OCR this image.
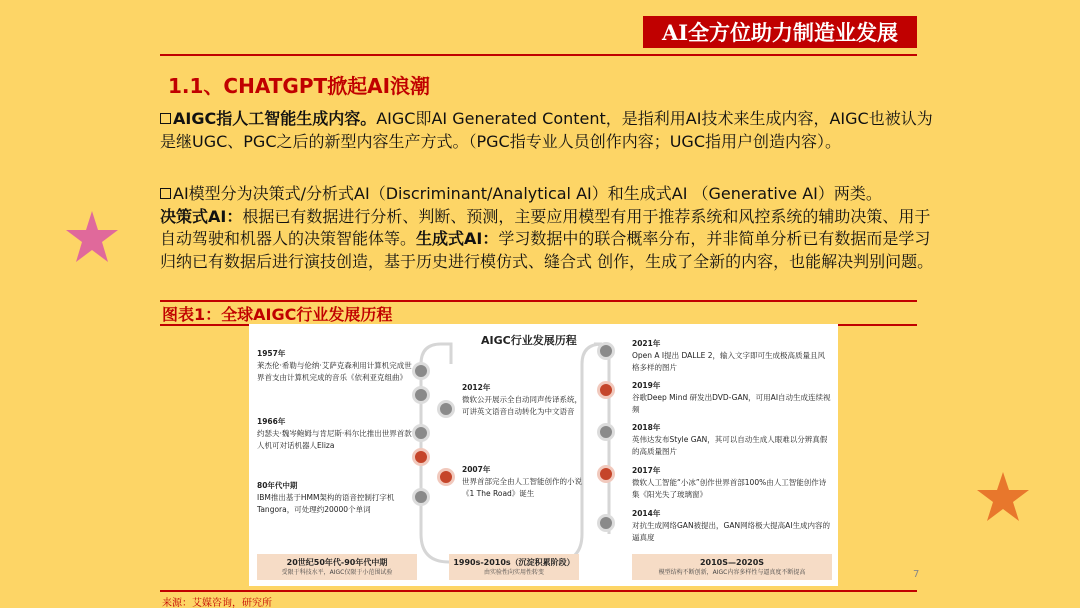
AI全方位助力制造业发展
1.1、CHATGPT掀起AI浪潮
AIGC指人工智能生成内容。AIGC即AI Generated Content，是指利用AI技术来生成内容，AIGC也被认为是继UGC、PGC之后的新型内容生产方式。（PGC指专业人员创作内容；UGC指用户创造内容）。
AI模型分为决策式/分析式AI（Discriminant/Analytical AI）和生成式AI （Generative AI）两类。
决策式AI：根据已有数据进行分析、判断、预测，主要应用模型有用于推荐系统和风控系统的辅助决策、用于自动驾驶和机器人的决策智能体等。生成式AI：学习数据中的联合概率分布，并非简单分析已有数据而是学习归纳已有数据后进行演技创造，基于历史进行模仿式、缝合式 创作，生成了全新的内容，也能解决判别问题。
图表1：全球AIGC行业发展历程
AIGC行业发展历程
1957年
莱杰伦·希勒与伦纳·艾萨克森利用计算机完成世界首支由计算机完成的音乐《依利亚克组曲》
1966年
约瑟夫·魏岑鲍姆与肯尼斯·科尔比推出世界首款人机可对话机器人Eliza
80年代中期
IBM推出基于HMM架构的语音控制打字机Tangora，可处理约20000个单词
2012年
微软公开展示全自动同声传译系统，可讲英文语音自动转化为中文语音
2007年
世界首部完全由人工智能创作的小说《1 The Road》诞生
2021年
Open A I提出 DALLE 2，输入文字即可生成极高质量且风格多样的图片
2019年
谷歌Deep Mind 研发出DVD-GAN，可用AI自动生成连续视频
2018年
英伟达发布Style GAN，其可以自动生成人眼难以分辨真假的高质量图片
2017年
微软人工智能“小冰”创作世界首部100%由人工智能创作诗集《阳光失了玻璃窗》
2014年
对抗生成网络GAN被提出，GAN网络极大提高AI生成内容的逼真度
20世纪50年代-90年代中期
受限于科技水平，AIGC仅限于小范围试验
1990s-2010s（沉淀积累阶段）
由实验性向实用性转变
2010S—2020S
模型结构不断创新，AIGC内容多样性与逼真度不断提高	7
来源：艾媒咨询，研究所
